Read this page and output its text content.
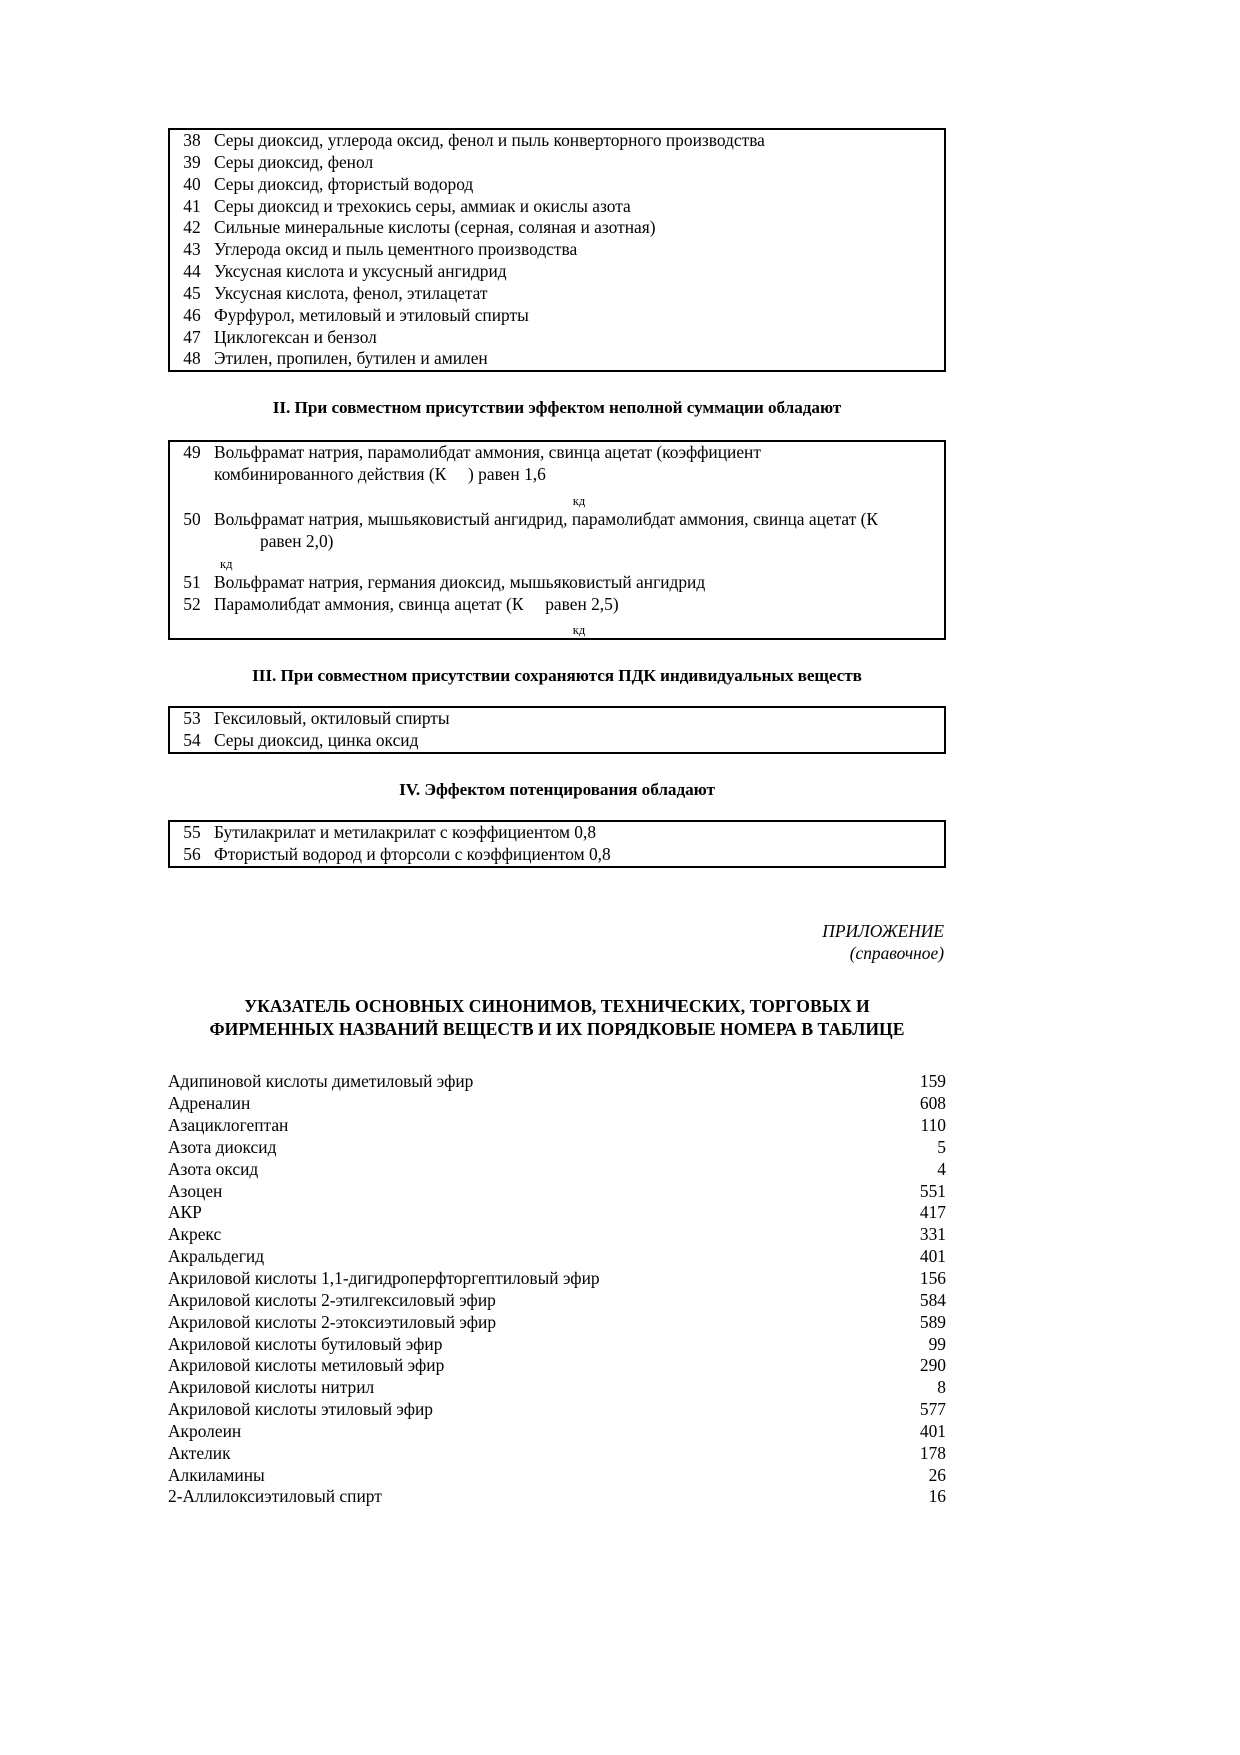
38	Серы диоксид, углерода оксид, фенол и пыль конверторного производства
39	Серы диоксид, фенол
40	Серы диоксид, фтористый водород
41	Серы диоксид и трехокись серы, аммиак и окислы азота
42	Сильные минеральные кислоты (серная, соляная и азотная)
43	Углерода оксид и пыль цементного производства
44	Уксусная кислота и уксусный ангидрид
45	Уксусная кислота, фенол, этилацетат
46	Фурфурол, метиловый и этиловый спирты
47	Циклогексан и бензол
48	Этилен, пропилен, бутилен и амилен
II. При совместном присутствии эффектом неполной суммации обладают
49	Вольфрамат натрия, парамолибдат аммония, свинца ацетат (коэффициент
комбинированного действия (К ) равен 1,6
кд

50	Вольфрамат натрия, мышьяковистый ангидрид, парамолибдат аммония, свинца ацетат (К
равен 2,0)
кд

51	Вольфрамат натрия, германия диоксид, мышьяковистый ангидрид
52	Парамолибдат аммония, свинца ацетат (К равен 2,5)
кд
III. При совместном присутствии сохраняются ПДК индивидуальных веществ
53	Гексиловый, октиловый спирты
54	Серы диоксид, цинка оксид
IV. Эффектом потенцирования обладают
55	Бутилакрилат и метилакрилат с коэффициентом 0,8
56	Фтористый водород и фторсоли с коэффициентом 0,8
ПРИЛОЖЕНИЕ
(справочное)
УКАЗАТЕЛЬ ОСНОВНЫХ СИНОНИМОВ, ТЕХНИЧЕСКИХ, ТОРГОВЫХ И
ФИРМЕННЫХ НАЗВАНИЙ ВЕЩЕСТВ И ИХ ПОРЯДКОВЫЕ НОМЕРА В ТАБЛИЦЕ
Адипиновой кислоты диметиловый эфир	159
Адреналин	608
Азациклогептан	110
Азота диоксид	5
Азота оксид	4
Азоцен	551
АКР	417
Акрекс	331
Акральдегид	401
Акриловой кислоты 1,1-дигидроперфторгептиловый эфир	156
Акриловой кислоты 2-этилгексиловый эфир	584
Акриловой кислоты 2-этоксиэтиловый эфир	589
Акриловой кислоты бутиловый эфир	99
Акриловой кислоты метиловый эфир	290
Акриловой кислоты нитрил	8
Акриловой кислоты этиловый эфир	577
Акролеин	401
Актелик	178
Алкиламины	26
2-Аллилоксиэтиловый спирт	16
